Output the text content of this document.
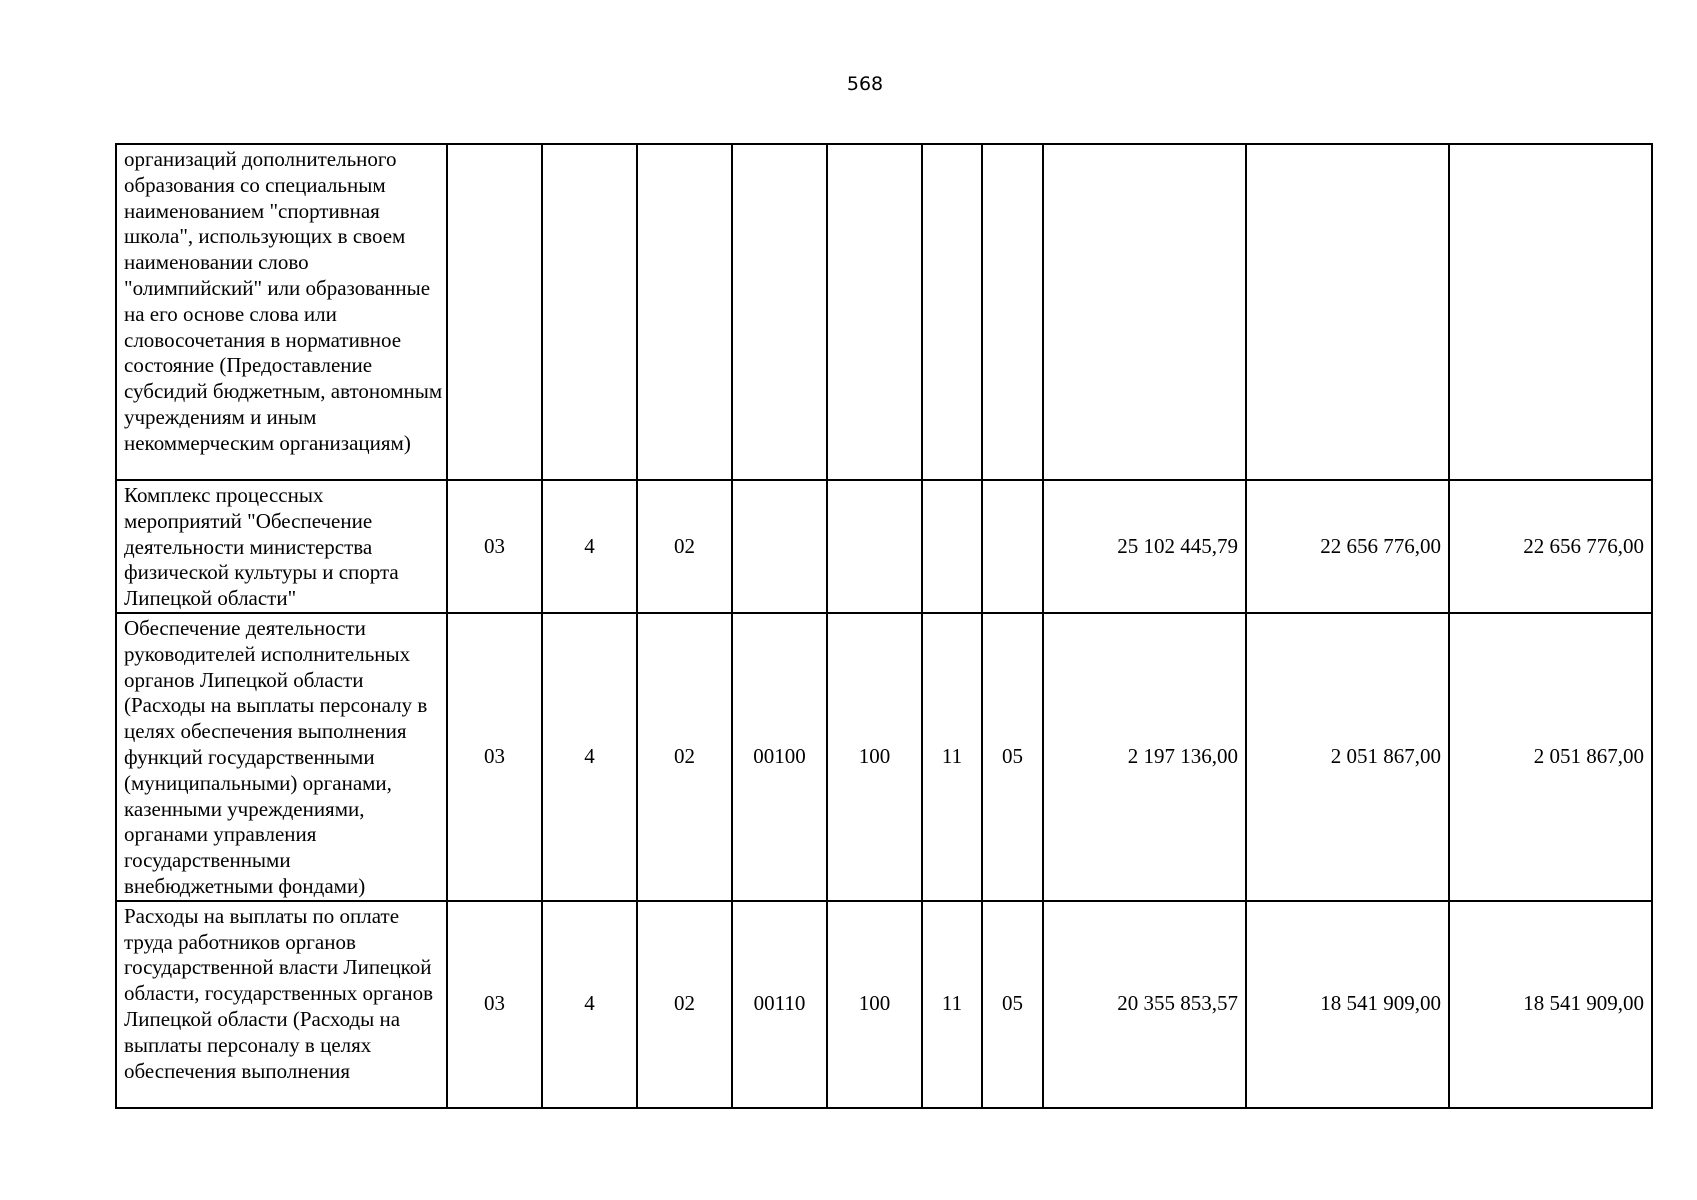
568
организаций дополнительного образования со специальным наименованием "спортивная школа", использующих в своем наименовании слово "олимпийский" или образованные на его основе слова или словосочетания в нормативное состояние (Предоставление субсидий бюджетным, автономным учреждениям и иным некоммерческим организациям)										
Комплекс процессных мероприятий "Обеспечение деятельности министерства физической культуры и спорта Липецкой области"	03	4	02					25 102 445,79	22 656 776,00	22 656 776,00
Обеспечение деятельности руководителей исполнительных органов Липецкой области (Расходы на выплаты персоналу в целях обеспечения выполнения функций государственными (муниципальными) органами, казенными учреждениями, органами управления государственными внебюджетными фондами)	03	4	02	00100	100	11	05	2 197 136,00	2 051 867,00	2 051 867,00
Расходы на выплаты по оплате труда работников органов государственной власти Липецкой области, государственных органов Липецкой области (Расходы на выплаты персоналу в целях обеспечения выполнения	03	4	02	00110	100	11	05	20 355 853,57	18 541 909,00	18 541 909,00
